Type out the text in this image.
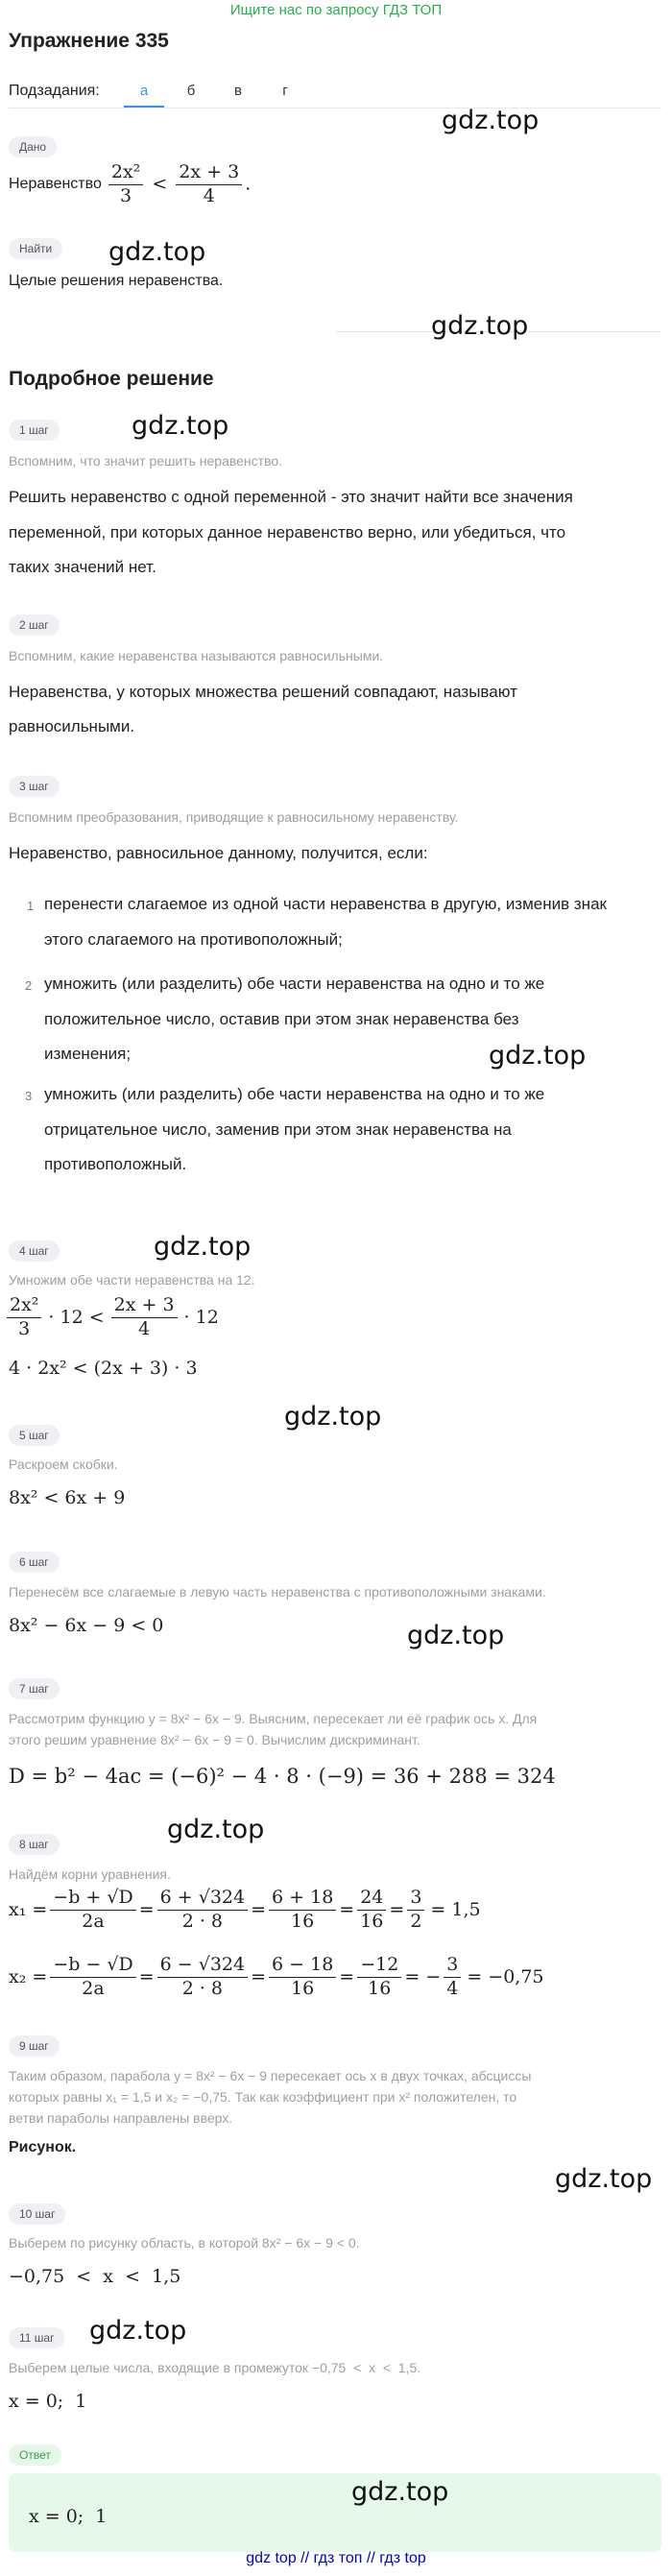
Ищите нас по запросу ГДЗ ТОП
Упражнение 335
Подзадания:	а	б	в	г
gdz.top
Дано
Неравенство $\frac{\text{2x²}}{3} < \frac{2x + 3}{4}$ .
Найти	gdz.top
Целые решения неравенства.
gdz.top
Подробное решение
1 шаг	gdz.top
Вспомним, что значит решить неравенство.
Решить неравенство с одной переменной - это значит найти все значения
переменной, при которых данное неравенство верно, или убедиться, что
таких значений нет.
2 шаг
Вспомним, какие неравенства называются равносильными.
Неравенства, у которых множества решений совпадают, называют
равносильными.
3 шаг
Вспомним преобразования, приводящие к равносильному неравенству.
Неравенство, равносильное данному, получится, если:
1 перенести слагаемое из одной части неравенства в другую, изменив знак
этого слагаемого на противоположный;
2 умножить (или разделить) обе части неравенства на одно и то же
положительное число, оставив при этом знак неравенства без
изменения;	gdz.top
3 умножить (или разделить) обе части неравенства на одно и то же
отрицательное число, заменив при этом знак неравенства на
противоположный.
4 шаг	gdz.top
Умножим обе части неравенства на 12.
$\frac{\text{2x²}}{3} \cdot 12 < \frac{2x + 3}{4} \cdot 12$
4 · 2x² < (2x + 3) · 3
5 шаг
gdz.top
Раскроем скобки.
8x² < 6x + 9
6 шаг
Перенесём все слагаемые в левую часть неравенства с противоположными знаками.
8x² − 6x − 9 < 0	gdz.top
7 шаг
Рассмотрим функцию y = 8x² − 6x − 9. Выясним, пересекает ли её график ось x. Для
этого решим уравнение 8x² − 6x − 9 = 0. Вычислим дискриминант.
D = b² − 4ac = (−6)² − 4 · 8 · (−9) = 36 + 288 = 324
8 шаг	gdz.top
Найдём корни уравнения.
$x_1 = \frac{-b + √D}{2a} = \frac{6 + √324}{2 \cdot 8} = \frac{6 + 18}{16} = \frac{24}{16} = \frac{3}{2} = 1,5$
$x_2 = \frac{-b - √D}{2a} = \frac{6 - √324}{2 \cdot 8} = \frac{6 - 18}{16} = \frac{-12}{16}$ = − $\frac{3}{4} = -0,75$
9 шаг
Таким образом, парабола y = 8x² − 6x − 9 пересекает ось x в двух точках, абсциссы
которых равны x₁ = 1,5 и x₂ = −0,75. Так как коэффициент при x² положителен, то
ветви параболы направлены вверх.
Рисунок.
gdz.top
10 шаг
Выберем по рисунку область, в которой 8x² − 6x − 9 < 0.
−0,75  <  x  <  1,5
11 шаг	gdz.top
Выберем целые числа, входящие в промежуток −0,75  <  x  <  1,5.
x = 0;  1
Ответ
gdz.top
x = 0;  1
gdz top // гдз топ // гдз top
